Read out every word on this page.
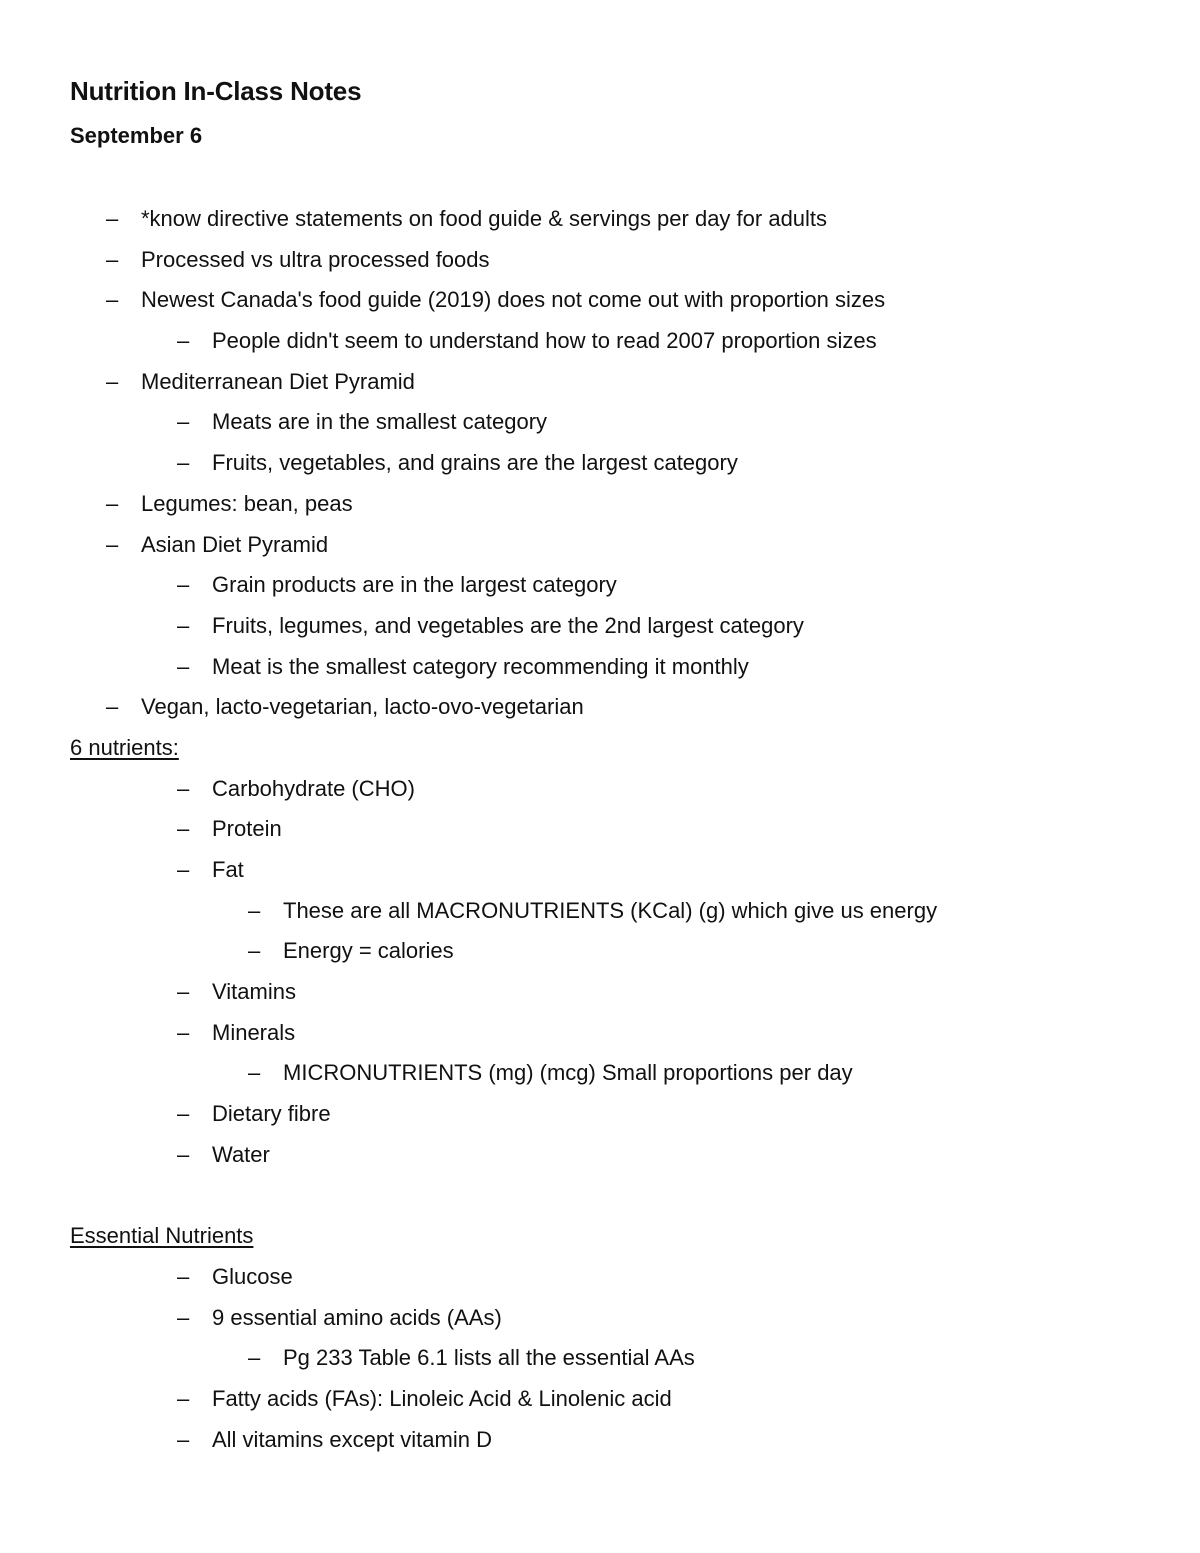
Nutrition In-Class Notes
September 6
– *know directive statements on food guide & servings per day for adults
– Processed vs ultra processed foods
– Newest Canada's food guide (2019) does not come out with proportion sizes
– People didn't seem to understand how to read 2007 proportion sizes
– Mediterranean Diet Pyramid
– Meats are in the smallest category
– Fruits, vegetables, and grains are the largest category
– Legumes: bean, peas
– Asian Diet Pyramid
– Grain products are in the largest category
– Fruits, legumes, and vegetables are the 2nd largest category
– Meat is the smallest category recommending it monthly
– Vegan, lacto-vegetarian, lacto-ovo-vegetarian
6 nutrients:
– Carbohydrate (CHO)
– Protein
– Fat
– These are all MACRONUTRIENTS (KCal) (g) which give us energy
– Energy = calories
– Vitamins
– Minerals
– MICRONUTRIENTS (mg) (mcg) Small proportions per day
– Dietary fibre
– Water
Essential Nutrients
– Glucose
– 9 essential amino acids (AAs)
– Pg 233 Table 6.1 lists all the essential AAs
– Fatty acids (FAs): Linoleic Acid & Linolenic acid
– All vitamins except vitamin D
